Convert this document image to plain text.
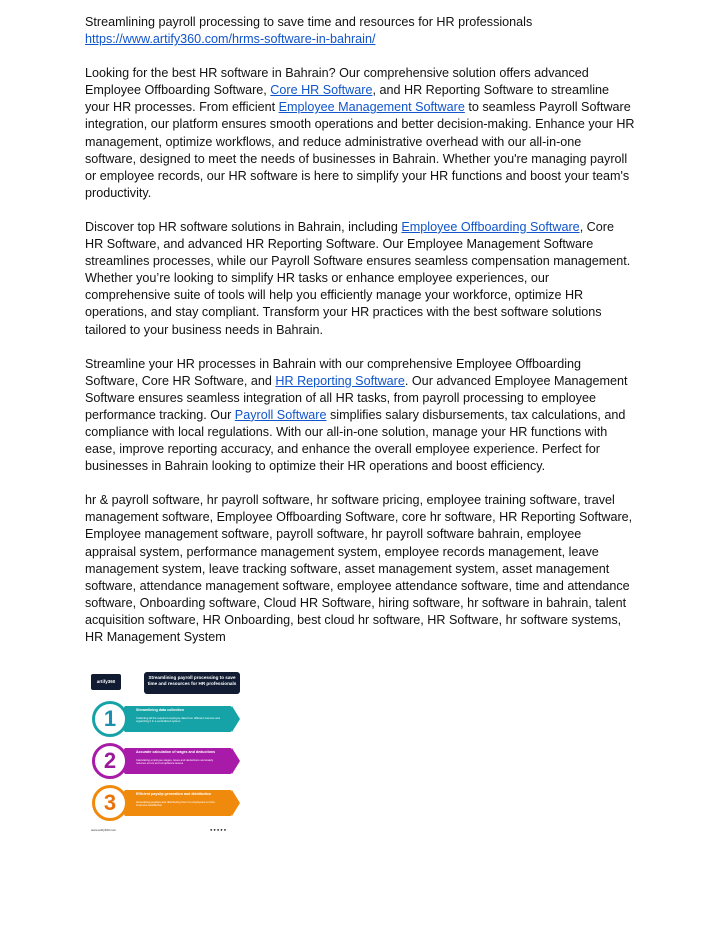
Streamlining payroll processing to save time and resources for HR professionals
https://www.artify360.com/hrms-software-in-bahrain/

Looking for the best HR software in Bahrain? Our comprehensive solution offers advanced Employee Offboarding Software, Core HR Software, and HR Reporting Software to streamline your HR processes. From efficient Employee Management Software to seamless Payroll Software integration, our platform ensures smooth operations and better decision-making. Enhance your HR management, optimize workflows, and reduce administrative overhead with our all-in-one software, designed to meet the needs of businesses in Bahrain. Whether you're managing payroll or employee records, our HR software is here to simplify your HR functions and boost your team's productivity.

Discover top HR software solutions in Bahrain, including Employee Offboarding Software, Core HR Software, and advanced HR Reporting Software. Our Employee Management Software streamlines processes, while our Payroll Software ensures seamless compensation management. Whether you’re looking to simplify HR tasks or enhance employee experiences, our comprehensive suite of tools will help you efficiently manage your workforce, optimize HR operations, and stay compliant. Transform your HR practices with the best software solutions tailored to your business needs in Bahrain.

Streamline your HR processes in Bahrain with our comprehensive Employee Offboarding Software, Core HR Software, and HR Reporting Software. Our advanced Employee Management Software ensures seamless integration of all HR tasks, from payroll processing to employee performance tracking. Our Payroll Software simplifies salary disbursements, tax calculations, and compliance with local regulations. With our all-in-one solution, manage your HR functions with ease, improve reporting accuracy, and enhance the overall employee experience. Perfect for businesses in Bahrain looking to optimize their HR operations and boost efficiency.

hr & payroll software, hr payroll software, hr software pricing, employee training software, travel management software, Employee Offboarding Software, core hr software, HR Reporting Software, Employee management software, payroll software, hr payroll software bahrain, employee appraisal system, performance management system, employee records management, leave management system, leave tracking software, asset management system, asset management software, attendance management software, employee attendance software, time and attendance software, Onboarding software, Cloud HR Software, hiring software, hr software in bahrain, talent acquisition software, HR Onboarding, best cloud hr software, HR Software, hr software systems, HR Management System

artify360
Streamlining payroll processing to save time and resources for HR professionals
1	Streamlining data collection
Collecting all the required employee data from different sources and organizing it in a centralized system
2	Accurate calculation of wages and deductions
Calculating employee wages, taxes and deductions accurately reduces errors and compliance issues
3	Efficient payslip generation and distribution
Generating payslips and distributing them to employees on time improves satisfaction
www.artify360.com	●●●●●
